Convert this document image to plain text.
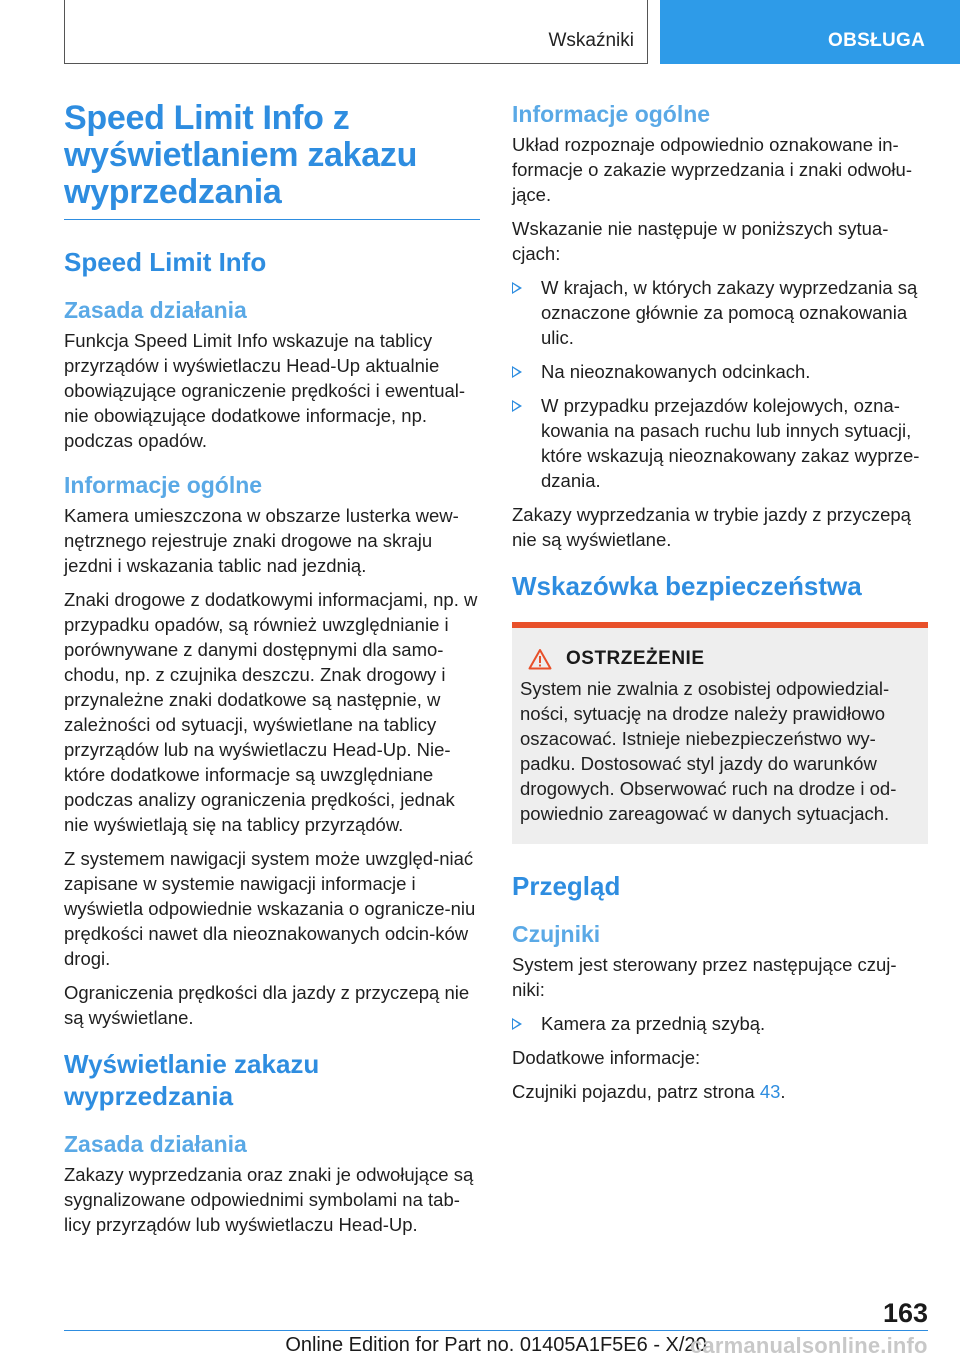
Wskaźniki	OBSŁUGA
Speed Limit Info z wyświetlaniem zakazu wyprzedzania
Speed Limit Info
Zasada działania

Funkcja Speed Limit Info wskazuje na tablicy przyrządów i wyświetlaczu Head-Up aktualnie obowiązujące ograniczenie prędkości i ewentual-nie obowiązujące dodatkowe informacje, np. podczas opadów.

Informacje ogólne

Kamera umieszczona w obszarze lusterka wew-nętrznego rejestruje znaki drogowe na skraju jezdni i wskazania tablic nad jezdnią.

Znaki drogowe z dodatkowymi informacjami, np. w przypadku opadów, są również uwzględnianie i porównywane z danymi dostępnymi dla samo-chodu, np. z czujnika deszczu. Znak drogowy i przynależne znaki dodatkowe są następnie, w zależności od sytuacji, wyświetlane na tablicy przyrządów lub na wyświetlaczu Head-Up. Nie-które dodatkowe informacje są uwzględniane podczas analizy ograniczenia prędkości, jednak nie wyświetlają się na tablicy przyrządów.

Z systemem nawigacji system może uwzględ-niać zapisane w systemie nawigacji informacje i wyświetla odpowiednie wskazania o ogranicze-niu prędkości nawet dla nieoznakowanych odcin-ków drogi.

Ograniczenia prędkości dla jazdy z przyczepą nie są wyświetlane.

Wyświetlanie zakazu wyprzedzania
Zasada działania

Zakazy wyprzedzania oraz znaki je odwołujące są sygnalizowane odpowiednimi symbolami na tab-licy przyrządów lub wyświetlaczu Head-Up.

Informacje ogólne

Układ rozpoznaje odpowiednio oznakowane in-formacje o zakazie wyprzedzania i znaki odwołu-jące.

Wskazanie nie następuje w poniższych sytua-cjach:

W krajach, w których zakazy wyprzedzania są oznaczone głównie za pomocą oznakowania ulic.
Na nieoznakowanych odcinkach.
W przypadku przejazdów kolejowych, ozna-kowania na pasach ruchu lub innych sytuacji, które wskazują nieoznakowany zakaz wyprze-dzania.

Zakazy wyprzedzania w trybie jazdy z przyczepą nie są wyświetlane.

Wskazówka bezpieczeństwa
OSTRZEŻENIE

System nie zwalnia z osobistej odpowiedzial-ności, sytuację na drodze należy prawidłowo oszacować. Istnieje niebezpieczeństwo wy-padku. Dostosować styl jazdy do warunków drogowych. Obserwować ruch na drodze i od-powiednio zareagować w danych sytuacjach.

Przegląd
Czujniki

System jest sterowany przez następujące czuj-niki:

Kamera za przednią szybą.

Dodatkowe informacje:

Czujniki pojazdu, patrz strona 43.

163
Online Edition for Part no. 01405A1F5E6 - X/20
carmanualsonline.info
